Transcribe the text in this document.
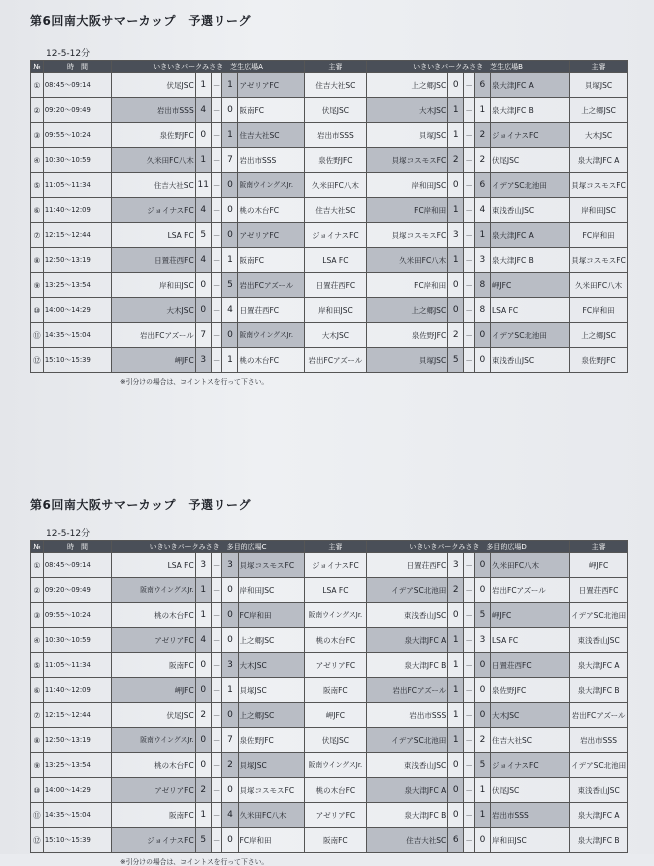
第6回南大阪サマーカップ　予選リーグ
12-5-12分
№	時　間	いきいきパークみさき　芝生広場A					主審	いきいきパークみさき　芝生広場B					主審
①	08:45～09:14	伏尾JSC	1	－	1	アゼリアFC	住吉大社SC	上之郷JSC	0	－	6	泉大津JFC A	貝塚JSC
②	09:20～09:49	岩出市SSS	4	－	0	阪南FC	伏尾JSC	大木JSC	1	－	1	泉大津JFC B	上之郷JSC
③	09:55～10:24	泉佐野JFC	0	－	1	住吉大社SC	岩出市SSS	貝塚JSC	1	－	2	ジョイナスFC	大木JSC
④	10:30～10:59	久米田FC八木	1	－	7	岩出市SSS	泉佐野JFC	貝塚コスモスFC	2	－	2	伏尾JSC	泉大津JFC A
⑤	11:05～11:34	住吉大社SC	11	－	0	阪南ウイングスJr.	久米田FC八木	岸和田JSC	0	－	6	イデアSC北池田	貝塚コスモスFC
⑥	11:40～12:09	ジョイナスFC	4	－	0	桃の木台FC	住吉大社SC	FC岸和田	1	－	4	東浅香山JSC	岸和田JSC
⑦	12:15～12:44	LSA FC	5	－	0	アゼリアFC	ジョイナスFC	貝塚コスモスFC	3	－	1	泉大津JFC A	FC岸和田
⑧	12:50～13:19	日置荘西FC	4	－	1	阪南FC	LSA FC	久米田FC八木	1	－	3	泉大津JFC B	貝塚コスモスFC
⑨	13:25～13:54	岸和田JSC	0	－	5	岩出FCアズール	日置荘西FC	FC岸和田	0	－	8	岬JFC	久米田FC八木
⑩	14:00～14:29	大木JSC	0	－	4	日置荘西FC	岸和田JSC	上之郷JSC	0	－	8	LSA FC	FC岸和田
⑪	14:35～15:04	岩出FCアズール	7	－	0	阪南ウイングスJr.	大木JSC	泉佐野JFC	2	－	0	イデアSC北池田	上之郷JSC
⑫	15:10～15:39	岬JFC	3	－	1	桃の木台FC	岩出FCアズール	貝塚JSC	5	－	0	東浅香山JSC	泉佐野JFC
※引分けの場合は、コイントスを行って下さい。
第6回南大阪サマーカップ　予選リーグ
12-5-12分
№	時　間	いきいきパークみさき　多目的広場C					主審	いきいきパークみさき　多目的広場D					主審
①	08:45～09:14	LSA FC	3	－	3	貝塚コスモスFC	ジョイナスFC	日置荘西FC	3	－	0	久米田FC八木	岬JFC
②	09:20～09:49	阪南ウイングスJr.	1	－	0	岸和田JSC	LSA FC	イデアSC北池田	2	－	0	岩出FCアズール	日置荘西FC
③	09:55～10:24	桃の木台FC	1	－	0	FC岸和田	阪南ウイングスJr.	東浅香山JSC	0	－	5	岬JFC	イデアSC北池田
④	10:30～10:59	アゼリアFC	4	－	0	上之郷JSC	桃の木台FC	泉大津JFC A	1	－	3	LSA FC	東浅香山JSC
⑤	11:05～11:34	阪南FC	0	－	3	大木JSC	アゼリアFC	泉大津JFC B	1	－	0	日置荘西FC	泉大津JFC A
⑥	11:40～12:09	岬JFC	0	－	1	貝塚JSC	阪南FC	岩出FCアズール	1	－	0	泉佐野JFC	泉大津JFC B
⑦	12:15～12:44	伏尾JSC	2	－	0	上之郷JSC	岬JFC	岩出市SSS	1	－	0	大木JSC	岩出FCアズール
⑧	12:50～13:19	阪南ウイングスJr.	0	－	7	泉佐野JFC	伏尾JSC	イデアSC北池田	1	－	2	住吉大社SC	岩出市SSS
⑨	13:25～13:54	桃の木台FC	0	－	2	貝塚JSC	阪南ウイングスJr.	東浅香山JSC	0	－	5	ジョイナスFC	イデアSC北池田
⑩	14:00～14:29	アゼリアFC	2	－	0	貝塚コスモスFC	桃の木台FC	泉大津JFC A	0	－	1	伏尾JSC	東浅香山JSC
⑪	14:35～15:04	阪南FC	1	－	4	久米田FC八木	アゼリアFC	泉大津JFC B	0	－	1	岩出市SSS	泉大津JFC A
⑫	15:10～15:39	ジョイナスFC	5	－	0	FC岸和田	阪南FC	住吉大社SC	6	－	0	岸和田JSC	泉大津JFC B
※引分けの場合は、コイントスを行って下さい。
